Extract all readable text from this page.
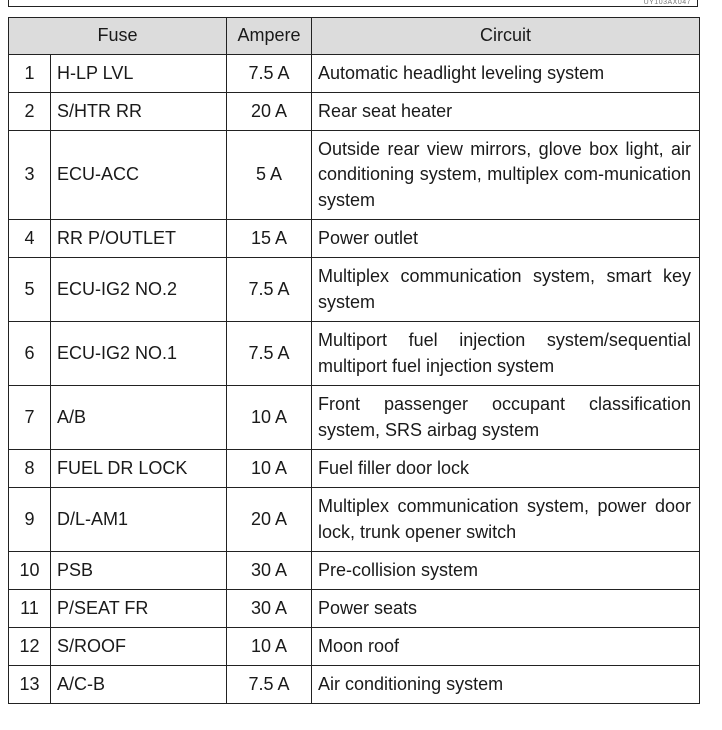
UY103AX047
Fuse		Ampere	Circuit
1	H-LP LVL	7.5 A	Automatic headlight leveling system
2	S/HTR RR	20 A	Rear seat heater
3	ECU-ACC	5 A	Outside rear view mirrors, glove box light, air conditioning system, multiplex com-munication system
4	RR P/OUTLET	15 A	Power outlet
5	ECU-IG2 NO.2	7.5 A	Multiplex communication system, smart key system
6	ECU-IG2 NO.1	7.5 A	Multiport fuel injection system/sequential multiport fuel injection system
7	A/B	10 A	Front passenger occupant classification system, SRS airbag system
8	FUEL DR LOCK	10 A	Fuel filler door lock
9	D/L-AM1	20 A	Multiplex communication system, power door lock, trunk opener switch
10	PSB	30 A	Pre-collision system
11	P/SEAT FR	30 A	Power seats
12	S/ROOF	10 A	Moon roof
13	A/C-B	7.5 A	Air conditioning system
